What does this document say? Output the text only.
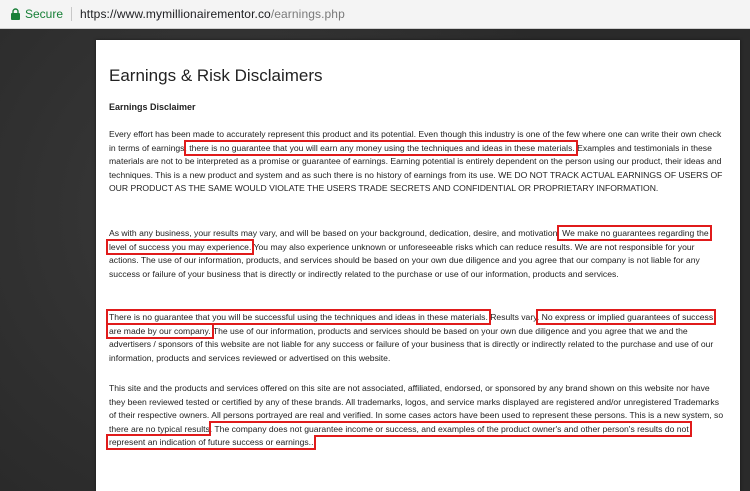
Secure https://www.mymillionairementor.co/earnings.php
Earnings & Risk Disclaimers
Earnings Disclaimer

Every effort has been made to accurately represent this product and its potential. Even though this industry is one of the few where one can write their own check in terms of earnings, there is no guarantee that you will earn any money using the techniques and ideas in these materials. Examples and testimonials in these materials are not to be interpreted as a promise or guarantee of earnings. Earning potential is entirely dependent on the person using our product, their ideas and techniques. This is a new product and system and as such there is no history of earnings from its use. WE DO NOT TRACK ACTUAL EARNINGS OF USERS OF OUR PRODUCT AS THE SAME WOULD VIOLATE THE USERS TRADE SECRETS AND CONFIDENTIAL OR PROPRIETARY INFORMATION.

As with any business, your results may vary, and will be based on your background, dedication, desire, and motivation. We make no guarantees regarding the level of success you may experience. You may also experience unknown or unforeseeable risks which can reduce results. We are not responsible for your actions. The use of our information, products, and services should be based on your own due diligence and you agree that our company is not liable for any success or failure of your business that is directly or indirectly related to the purchase or use of our information, products and services.

There is no guarantee that you will be successful using the techniques and ideas in these materials. Results vary. No express or implied guarantees of success are made by our company. The use of our information, products and services should be based on your own due diligence and you agree that we and the advertisers / sponsors of this website are not liable for any success or failure of your business that is directly or indirectly related to the purchase and use of our information, products and services reviewed or advertised on this website.

This site and the products and services offered on this site are not associated, affiliated, endorsed, or sponsored by any brand shown on this website nor have they been reviewed tested or certified by any of these brands. All trademarks, logos, and service marks displayed are registered and/or unregistered Trademarks of their respective owners. All persons portrayed are real and verified. In some cases actors have been used to represent these persons. This is a new system, so there are no typical results. The company does not guarantee income or success, and examples of the product owner's and other person's results do not represent an indication of future success or earnings..
